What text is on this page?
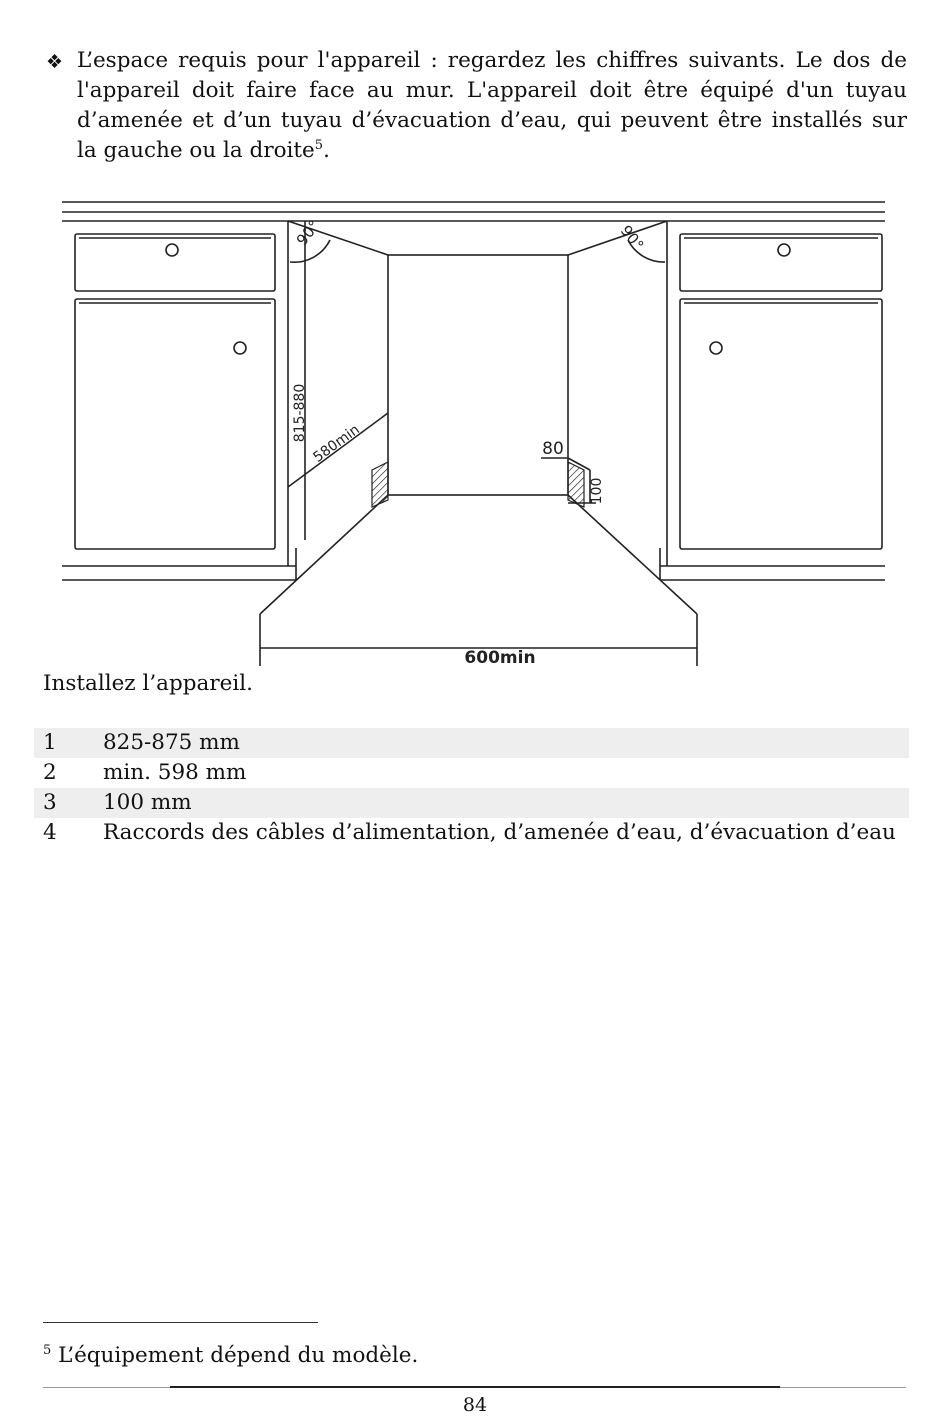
❖ L’espace requis pour l'appareil : regardez les chiffres suivants. Le dos de l'appareil doit faire face au mur. L'appareil doit être équipé d'un tuyau d’amenée et d’un tuyau d’évacuation d’eau, qui peuvent être installés sur la gauche ou la droite$^5$.
90°	90°
815-880
580min	80
100
600min
Installez l’appareil.
1	825-875 mm
2	min. 598 mm
3	100 mm
4	Raccords des câbles d’alimentation, d’amenée d’eau, d’évacuation d’eau
$^5$ L’équipement dépend du modèle.
84
